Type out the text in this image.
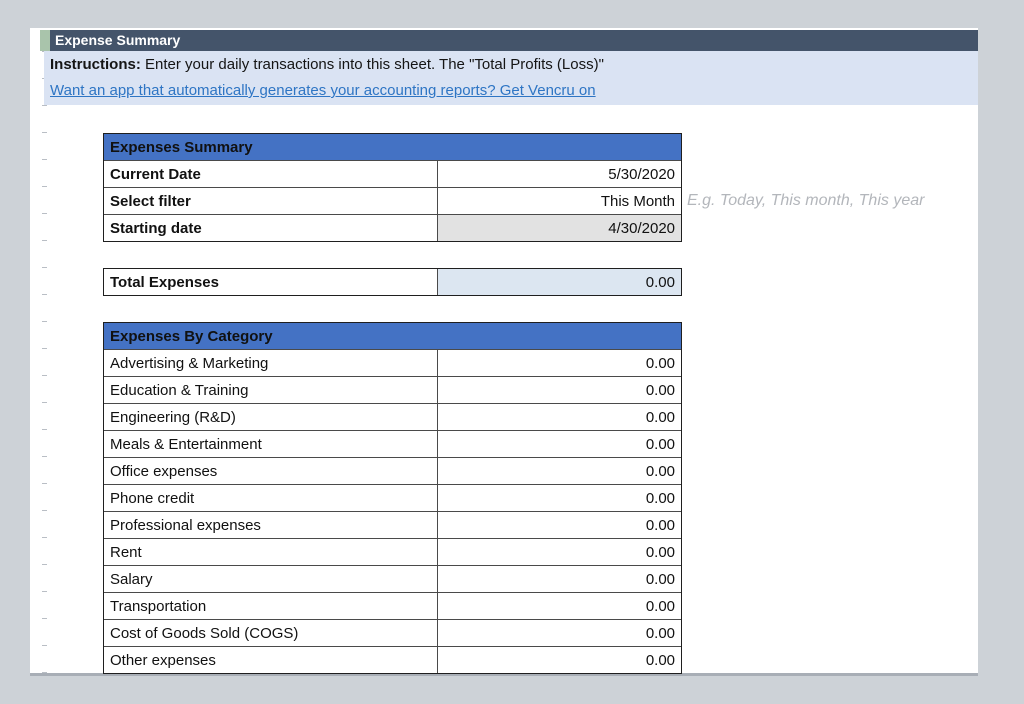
Expense Summary
Instructions: Enter your daily transactions into this sheet. The "Total Profits (Loss)"
Want an app that automatically generates your accounting reports? Get Vencru on
Expenses Summary	
Current Date	5/30/2020
Select filter	This Month
Starting date	4/30/2020
E.g. Today, This month, This year
Total Expenses	0.00
Expenses By Category	
Advertising & Marketing	0.00
Education & Training	0.00
Engineering (R&D)	0.00
Meals & Entertainment	0.00
Office expenses	0.00
Phone credit	0.00
Professional expenses	0.00
Rent	0.00
Salary	0.00
Transportation	0.00
Cost of Goods Sold (COGS)	0.00
Other expenses	0.00
